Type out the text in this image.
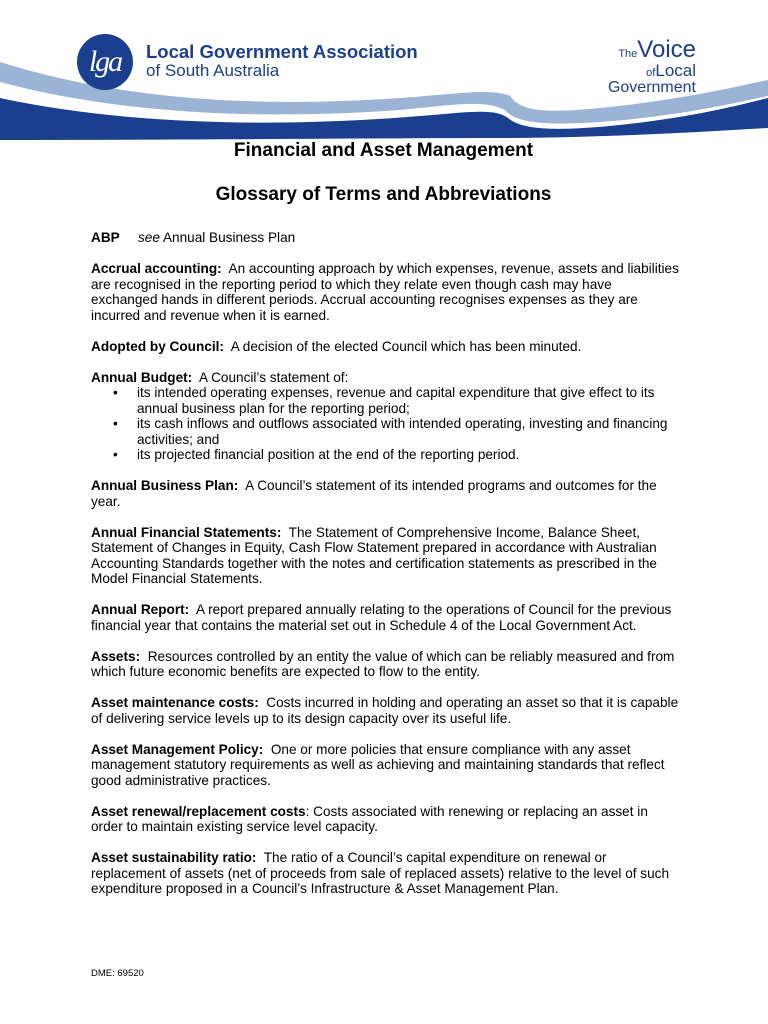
lga Local Government Association
of South Australia
TheVoice
ofLocal
Government
Financial and Asset Management
Glossary of Terms and Abbreviations

ABP see Annual Business Plan

Accrual accounting: An accounting approach by which expenses, revenue, assets and liabilities are recognised in the reporting period to which they relate even though cash may have exchanged hands in different periods. Accrual accounting recognises expenses as they are incurred and revenue when it is earned.

Adopted by Council: A decision of the elected Council which has been minuted.

Annual Budget: A Council’s statement of:
• its intended operating expenses, revenue and capital expenditure that give effect to its annual business plan for the reporting period;
• its cash inflows and outflows associated with intended operating, investing and financing activities; and
• its projected financial position at the end of the reporting period.

Annual Business Plan: A Council’s statement of its intended programs and outcomes for the year.

Annual Financial Statements: The Statement of Comprehensive Income, Balance Sheet, Statement of Changes in Equity, Cash Flow Statement prepared in accordance with Australian Accounting Standards together with the notes and certification statements as prescribed in the Model Financial Statements.

Annual Report: A report prepared annually relating to the operations of Council for the previous financial year that contains the material set out in Schedule 4 of the Local Government Act.

Assets: Resources controlled by an entity the value of which can be reliably measured and from which future economic benefits are expected to flow to the entity.

Asset maintenance costs: Costs incurred in holding and operating an asset so that it is capable of delivering service levels up to its design capacity over its useful life.

Asset Management Policy: One or more policies that ensure compliance with any asset management statutory requirements as well as achieving and maintaining standards that reflect good administrative practices.

Asset renewal/replacement costs: Costs associated with renewing or replacing an asset in order to maintain existing service level capacity.

Asset sustainability ratio: The ratio of a Council’s capital expenditure on renewal or replacement of assets (net of proceeds from sale of replaced assets) relative to the level of such expenditure proposed in a Council’s Infrastructure & Asset Management Plan.

DME: 69520
